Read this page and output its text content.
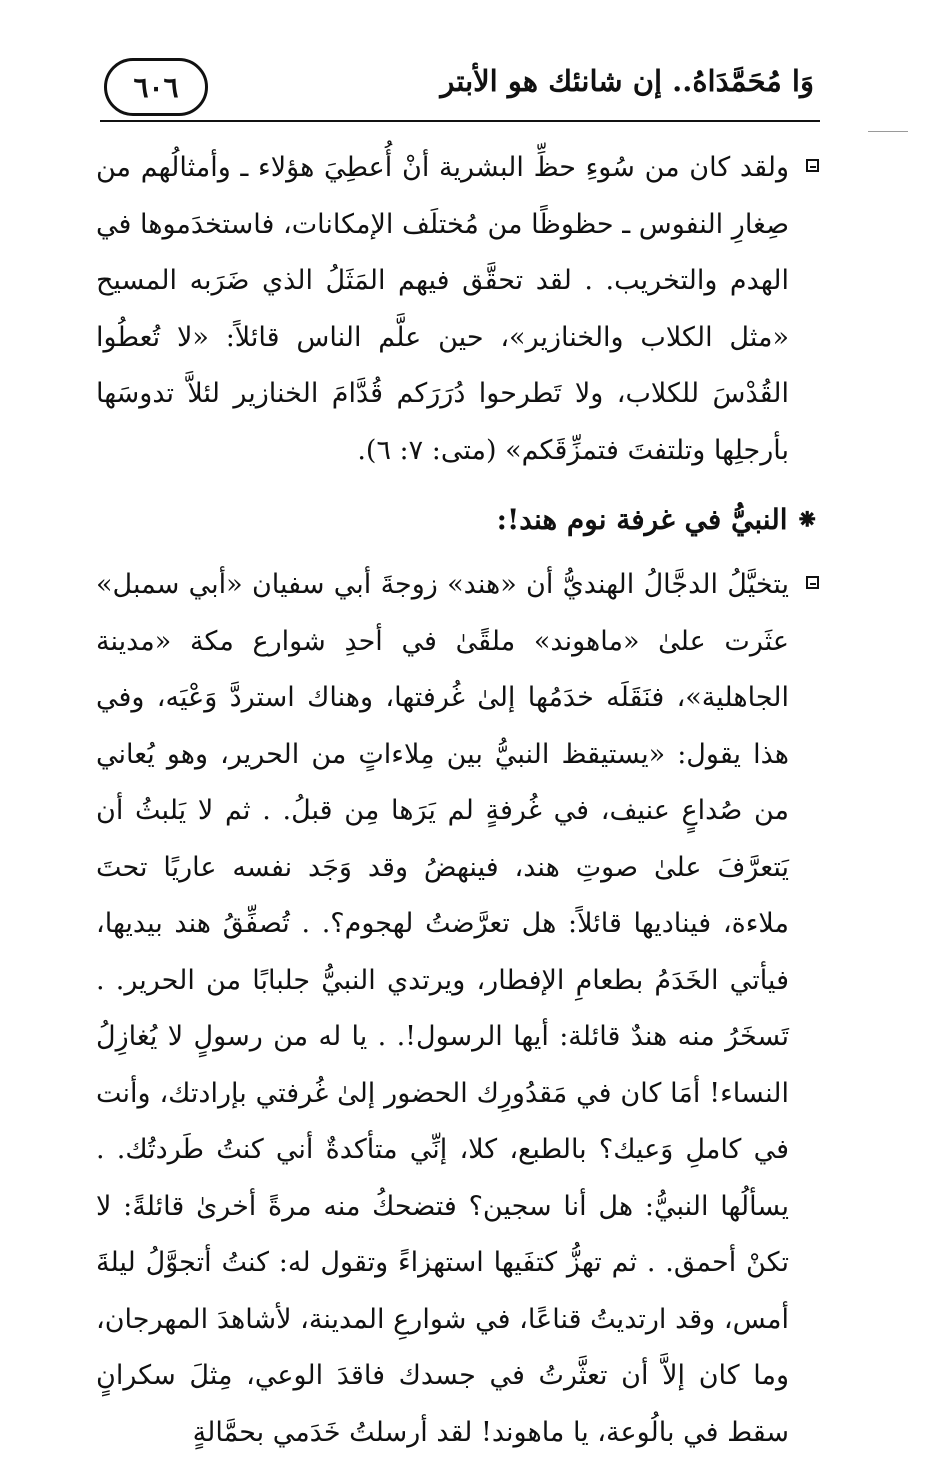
٦٠٦	وَا مُحَمَّدَاهُ.. إن شانئك هو الأبتر

ولقد كان من سُوءِ حظِّ البشرية أنْ أُعطِيَ هؤلاء ـ وأمثالُهم من صِغارِ النفوس ـ حظوظًا من مُختلَف الإمكانات، فاستخدَموها في الهدم والتخريب. . لقد تحقَّق فيهم المَثَلُ الذي ضَرَبه المسيح «مثل الكلاب والخنازير»، حين علَّم الناس قائلاً: «لا تُعطُوا القُدْسَ للكلاب، ولا تَطرحوا دُرَرَكم قُدَّامَ الخنازير لئلاَّ تدوسَها بأرجلِها وتلتفتَ فتمزِّقَكم» (متى: ٧: ٦).

⁕النبيُّ في غرفة نوم هند!:

يتخيَّلُ الدجَّالُ الهنديُّ أن «هند» زوجةَ أبي سفيان «أبي سمبل» عثَرت علىٰ «ماهوند» ملقًىٰ في أحدِ شوارع مكة «مدينة الجاهلية»، فنَقَلَه خدَمُها إلىٰ غُرفتها، وهناك استردَّ وَعْيَه، وفي هذا يقول: «يستيقظ النبيُّ بين مِلاءاتٍ من الحرير، وهو يُعاني من صُداعٍ عنيف، في غُرفةٍ لم يَرَها مِن قبلُ. . ثم لا يَلبثُ أن يَتعرَّفَ علىٰ صوتِ هند، فينهضُ وقد وَجَد نفسه عاريًا تحتَ ملاءة، فيناديها قائلاً: هل تعرَّضتُ لهجوم؟. . تُصفِّقُ هند بيديها، فيأتي الخَدَمُ بطعامِ الإفطار، ويرتدي النبيُّ جلبابًا من الحرير. . تَسخَرُ منه هندٌ قائلة: أيها الرسول!. . يا له من رسولٍ لا يُغازِلُ النساء! أمَا كان في مَقدُورِك الحضور إلىٰ غُرفتي بإرادتك، وأنت في كاملِ وَعيك؟ بالطبع، كلا، إنِّي متأكدةٌ أني كنتُ طَردتُك. . يسألُها النبيُّ: هل أنا سجين؟ فتضحكُ منه مرةً أخرىٰ قائلةً: لا تكنْ أحمق. . ثم تهزُّ كتفَيها استهزاءً وتقول له: كنتُ أتجوَّلُ ليلةَ أمس، وقد ارتديتُ قناعًا، في شوارعِ المدينة، لأشاهدَ المهرجان، وما كان إلاَّ أن تعثَّرتُ في جسدك فاقدَ الوعي، مِثلَ سكرانٍ سقط في بالُوعة، يا ماهوند! لقد أرسلتُ خَدَمي بحمَّالةٍ
